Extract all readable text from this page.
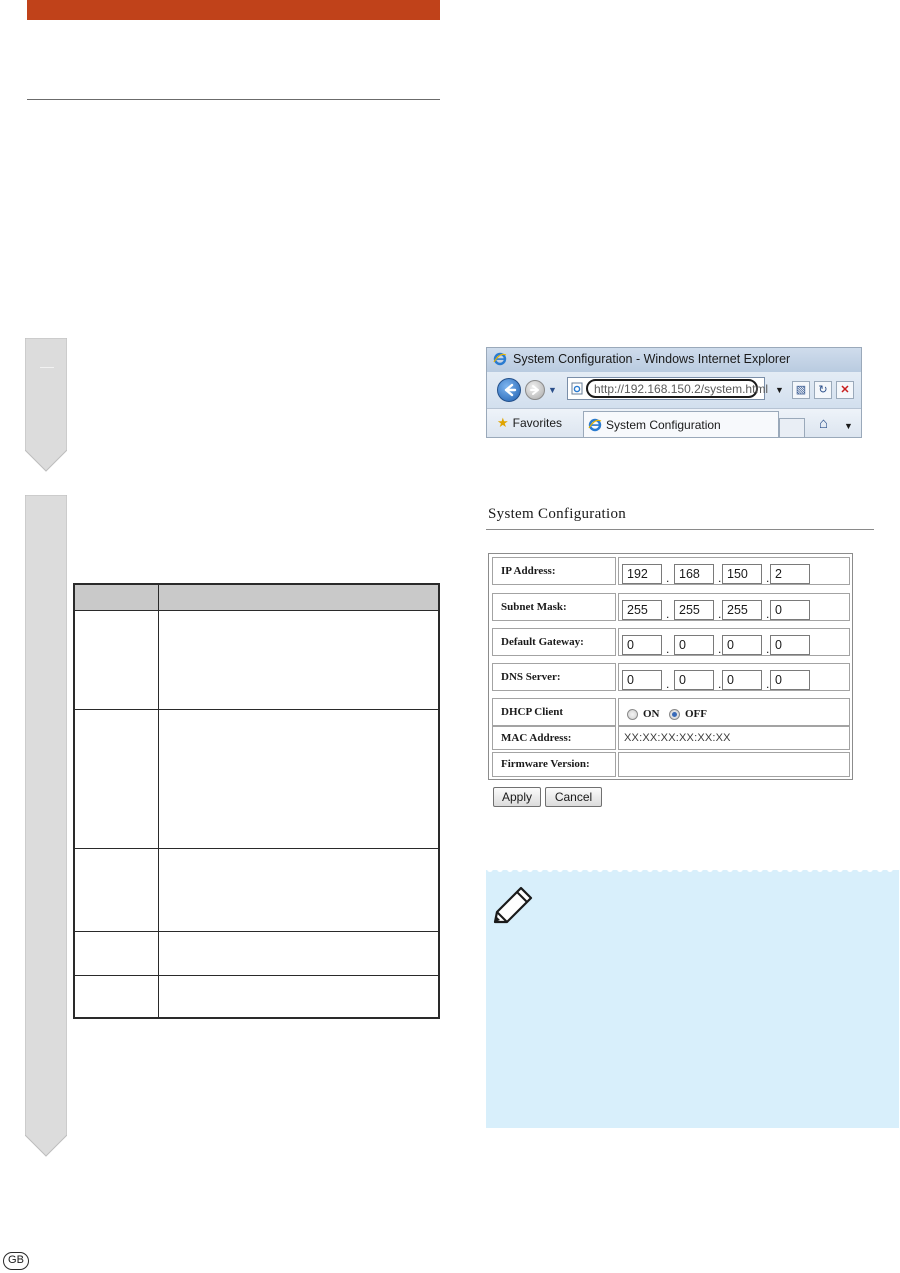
System Configuration - Windows Internet Explorer
▼	http://192.168.150.2/system.html ▼	▧	↻	✕
★ Favorites	System Configuration	⌂ ▼
System Configuration
IP Address:	192	. 168	. 150	. 2
Subnet Mask:	255	. 255	. 255	. 0
Default Gateway:	0	. 0	. 0	. 0
DNS Server:	0	. 0	. 0	. 0
DHCP Client	ON OFF
MAC Address:	XX:XX:XX:XX:XX:XX
Firmware Version:
Apply	Cancel
GB
